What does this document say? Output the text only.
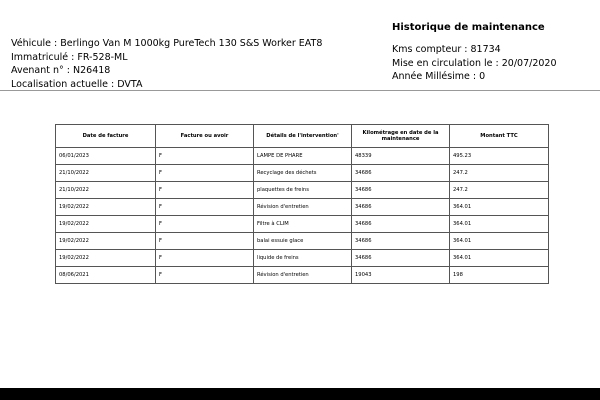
Véhicule : Berlingo Van M 1000kg PureTech 130 S&S Worker EAT8
Immatriculé : FR-528-ML
Avenant n° : N26418
Localisation actuelle : DVTA
Historique de maintenance
Kms compteur : 81734
Mise en circulation le : 20/07/2020
Année Millésime : 0
Date de facture	Facture ou avoir	Détails de l'intervention'	Kilométrage en date de la maintenance	Montant TTC
06/01/2023	F	LAMPE DE PHARE	48339	495.23
21/10/2022	F	Recyclage des déchets	34686	247.2
21/10/2022	F	plaquettes de freins	34686	247.2
19/02/2022	F	Révision d'entretien	34686	364.01
19/02/2022	F	Filtre à CLIM	34686	364.01
19/02/2022	F	balai essuie glace	34686	364.01
19/02/2022	F	liquide de freins	34686	364.01
08/06/2021	F	Révision d'entretien	19043	198
